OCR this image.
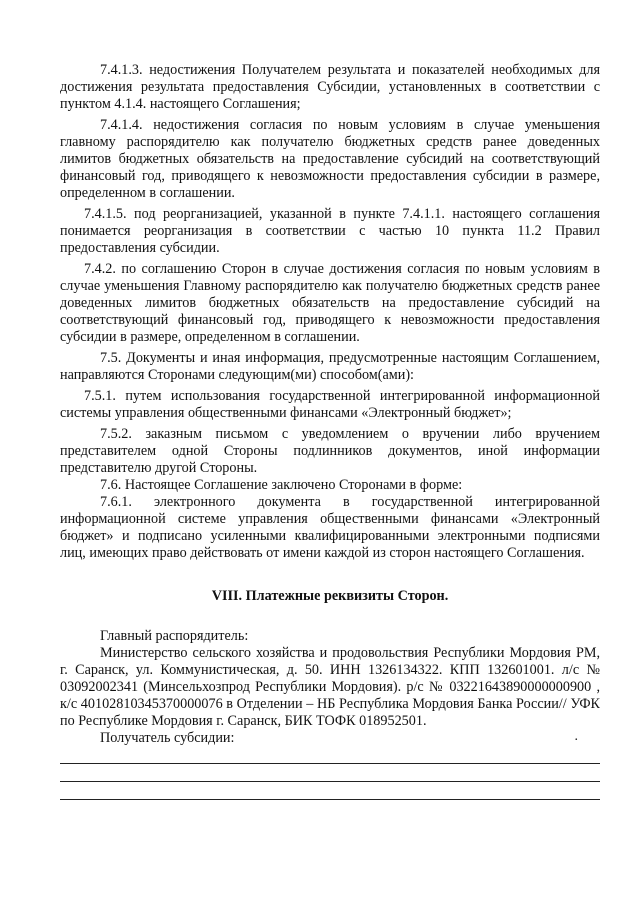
7.4.1.3. недостижения Получателем результата и показателей необходимых для достижения результата предоставления Субсидии, установленных в соответствии с пунктом 4.1.4. настоящего Соглашения;

7.4.1.4. недостижения согласия по новым условиям в случае уменьшения главному распорядителю как получателю бюджетных средств ранее доведенных лимитов бюджетных обязательств на предоставление субсидий на соответствующий финансовый год, приводящего к невозможности предоставления субсидии в размере, определенном в соглашении.

7.4.1.5. под реорганизацией, указанной в пункте 7.4.1.1. настоящего соглашения понимается реорганизация в соответствии с частью 10 пункта 11.2 Правил предоставления субсидии.

7.4.2. по соглашению Сторон в случае достижения согласия по новым условиям в случае уменьшения Главному распорядителю как получателю бюджетных средств ранее доведенных лимитов бюджетных обязательств на предоставление субсидий на соответствующий финансовый год, приводящего к невозможности предоставления субсидии в размере, определенном в соглашении.

7.5. Документы и иная информация, предусмотренные настоящим Соглашением, направляются Сторонами следующим(ми) способом(ами):

7.5.1. путем использования государственной интегрированной информационной системы управления общественными финансами «Электронный бюджет»;

7.5.2. заказным письмом с уведомлением о вручении либо вручением представителем одной Стороны подлинников документов, иной информации представителю другой Стороны.

7.6. Настоящее Соглашение заключено Сторонами в форме:

7.6.1. электронного документа в государственной интегрированной информационной системе управления общественными финансами «Электронный бюджет» и подписано усиленными квалифицированными электронными подписями лиц, имеющих право действовать от имени каждой из сторон настоящего Соглашения.

VIII. Платежные реквизиты Сторон.

Главный распорядитель:

Министерство сельского хозяйства и продовольствия Республики Мордовия РМ, г. Саранск, ул. Коммунистическая, д. 50. ИНН 1326134322. КПП 132601001. л/с № 03092002341 (Минсельхозпрод Республики Мордовия). р/с № 03221643890000000900 , к/с 40102810345370000076 в Отделении – НБ Республика Мордовия Банка России// УФК по Республике Мордовия г. Саранск, БИК ТОФК 018952501.

Получатель субсидии:	.
